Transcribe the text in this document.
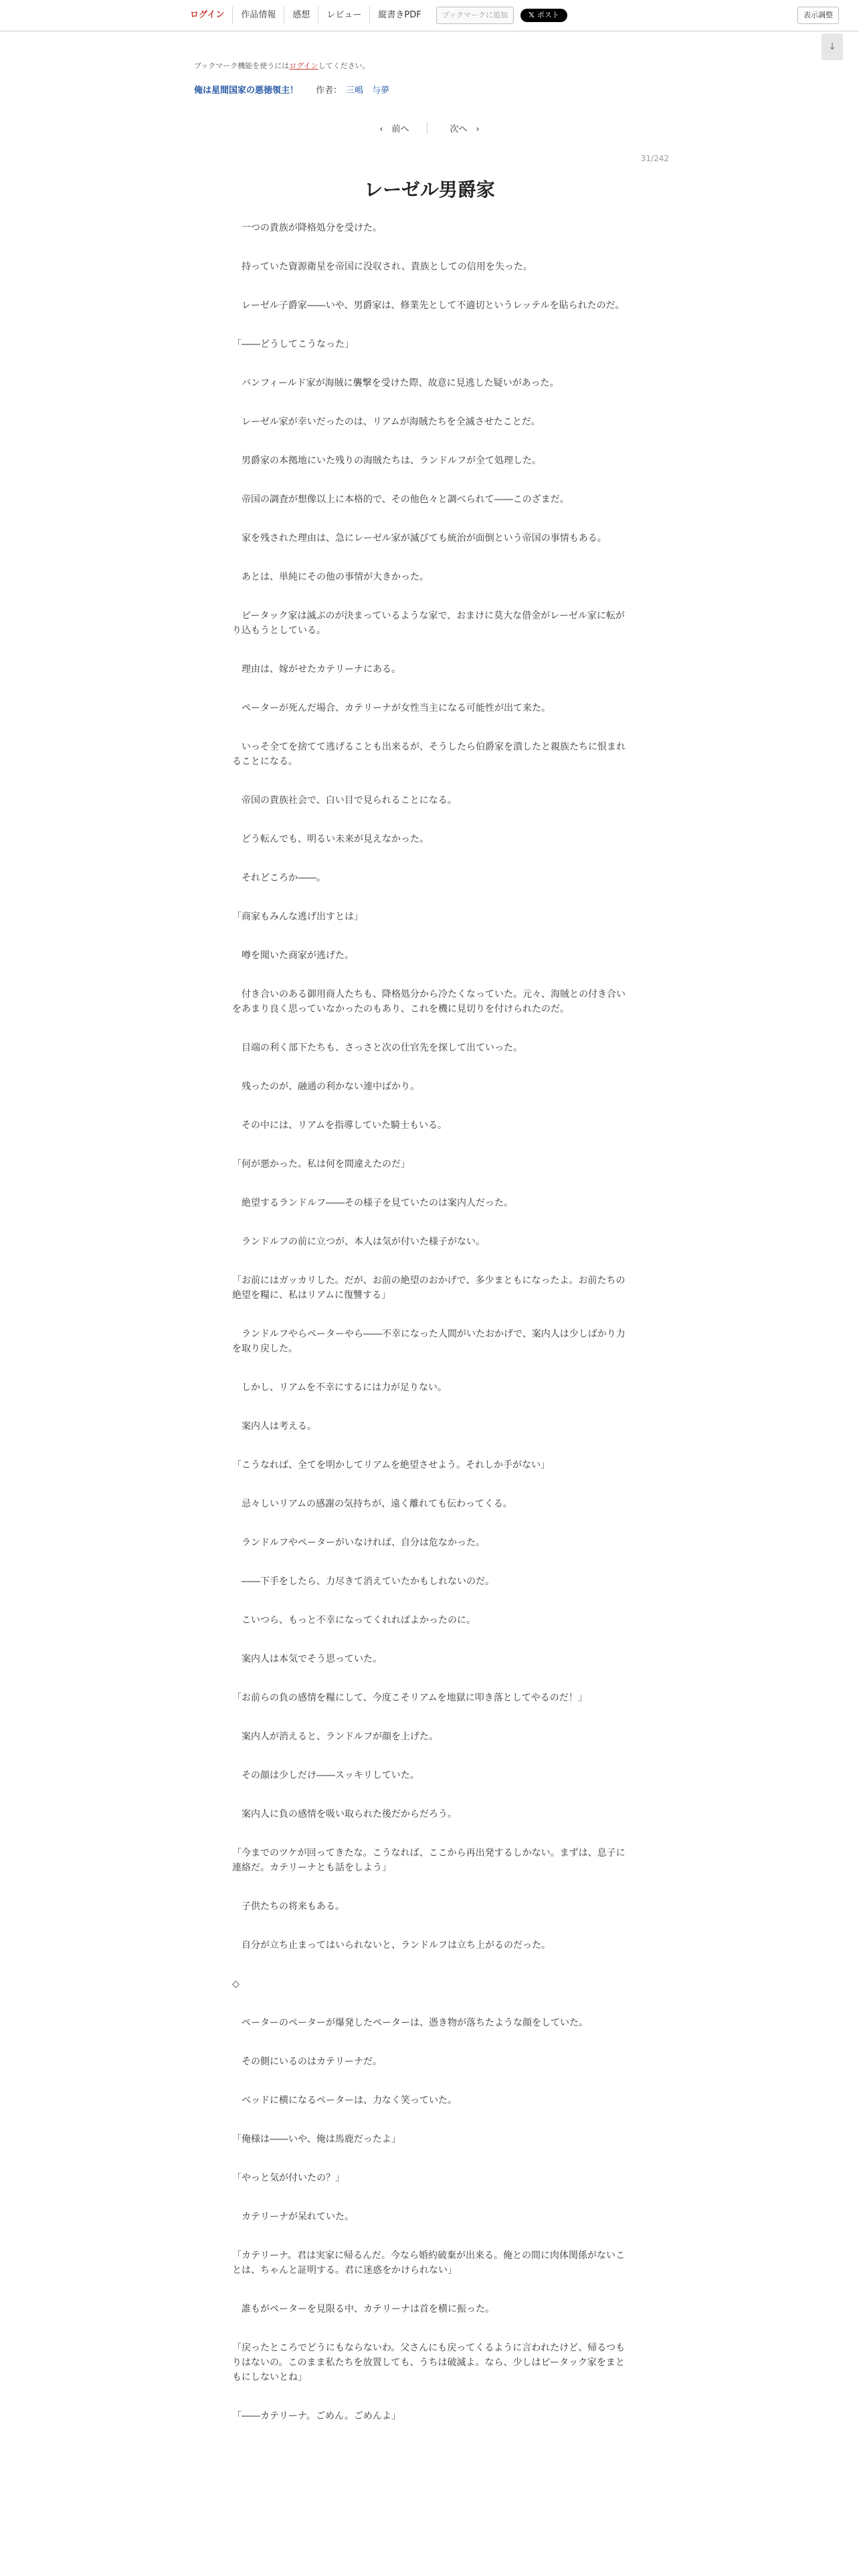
ログイン	作品情報	感想	レビュー	縦書きPDF	ブックマークに追加	𝕏 ポスト	表示調整
↓
ブックマーク機能を使うにはログインしてください。
俺は星間国家の悪徳領主！ 作者： 三嶋　与夢
‹　前へ	次へ　›
31/242
レーゼル男爵家

　一つの貴族が降格処分を受けた。

　持っていた資源衛星を帝国に没収され、貴族としての信用を失った。

　レーゼル子爵家――いや、男爵家は、修業先として不適切というレッテルを貼られたのだ。

「――どうしてこうなった」

　バンフィールド家が海賊に襲撃を受けた際、故意に見逃した疑いがあった。

　レーゼル家が幸いだったのは、リアムが海賊たちを全滅させたことだ。

　男爵家の本拠地にいた残りの海賊たちは、ランドルフが全て処理した。

　帝国の調査が想像以上に本格的で、その他色々と調べられて――このざまだ。

　家を残された理由は、急にレーゼル家が滅びても統治が面倒という帝国の事情もある。

　あとは、単純にその他の事情が大きかった。

　ピータック家は滅ぶのが決まっているような家で、おまけに莫大な借金がレーゼル家に転がり込もうとしている。

　理由は、嫁がせたカテリーナにある。

　ペーターが死んだ場合、カテリーナが女性当主になる可能性が出て来た。

　いっそ全てを捨てて逃げることも出来るが、そうしたら伯爵家を潰したと親族たちに恨まれることになる。

　帝国の貴族社会で、白い目で見られることになる。

　どう転んでも、明るい未来が見えなかった。

　それどころか――。

「商家もみんな逃げ出すとは」

　噂を聞いた商家が逃げた。

　付き合いのある御用商人たちも、降格処分から冷たくなっていた。元々、海賊との付き合いをあまり良く思っていなかったのもあり、これを機に見切りを付けられたのだ。

　目端の利く部下たちも、さっさと次の仕官先を探して出ていった。

　残ったのが、融通の利かない連中ばかり。

　その中には、リアムを指導していた騎士もいる。

「何が悪かった。私は何を間違えたのだ」

　絶望するランドルフ――その様子を見ていたのは案内人だった。

　ランドルフの前に立つが、本人は気が付いた様子がない。

「お前にはガッカリした。だが、お前の絶望のおかげで、多少まともになったよ。お前たちの絶望を糧に、私はリアムに復讐する」

　ランドルフやらペーターやら――不幸になった人間がいたおかげで、案内人は少しばかり力を取り戻した。

　しかし、リアムを不幸にするには力が足りない。

　案内人は考える。

「こうなれば、全てを明かしてリアムを絶望させよう。それしか手がない」

　忌々しいリアムの感謝の気持ちが、遠く離れても伝わってくる。

　ランドルフやペーターがいなければ、自分は危なかった。

　――下手をしたら、力尽きて消えていたかもしれないのだ。

　こいつら、もっと不幸になってくれればよかったのに。

　案内人は本気でそう思っていた。

「お前らの負の感情を糧にして、今度こそリアムを地獄に叩き落としてやるのだ！」

　案内人が消えると、ランドルフが顔を上げた。

　その顔は少しだけ――スッキリしていた。

　案内人に負の感情を吸い取られた後だからだろう。

「今までのツケが回ってきたな。こうなれば、ここから再出発するしかない。まずは、息子に連絡だ。カテリーナとも話をしよう」

　子供たちの将来もある。

　自分が立ち止まってはいられないと、ランドルフは立ち上がるのだった。

◇

　ペーターのペーターが爆発したペーターは、憑き物が落ちたような顔をしていた。

　その側にいるのはカテリーナだ。

　ベッドに横になるペーターは、力なく笑っていた。

「俺様は――いや、俺は馬鹿だったよ」

「やっと気が付いたの？」

　カテリーナが呆れていた。

「カテリーナ。君は実家に帰るんだ。今なら婚約破棄が出来る。俺との間に肉体関係がないことは、ちゃんと証明する。君に迷惑をかけられない」

　誰もがペーターを見限る中、カテリーナは首を横に振った。

「戻ったところでどうにもならないわ。父さんにも戻ってくるように言われたけど、帰るつもりはないの。このまま私たちを放置しても、うちは破滅よ。なら、少しはピータック家をまともにしないとね」

「――カテリーナ。ごめん。ごめんよ」
